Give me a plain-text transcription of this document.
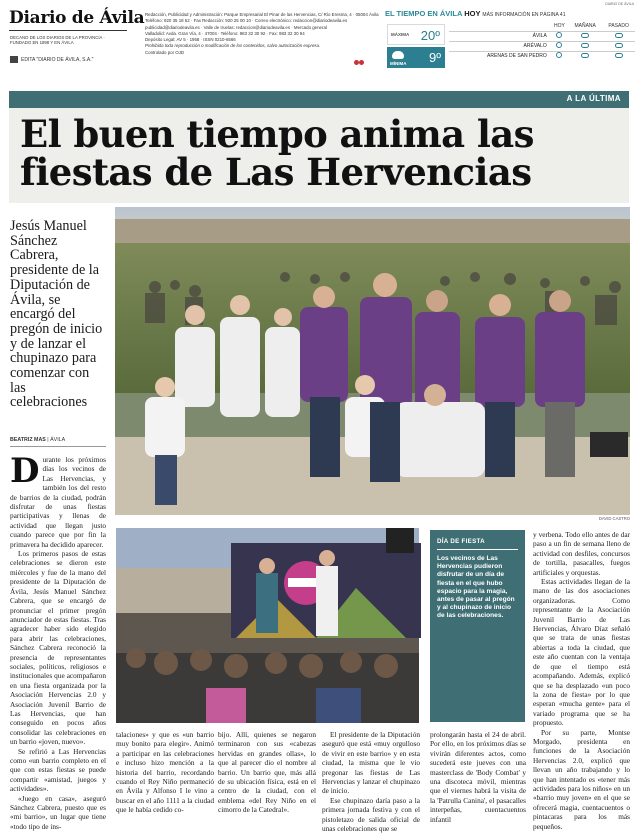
Diario de Ávila
DECANO DE LOS DIARIOS DE LA PROVINCIA · FUNDADO EN 1898 Y EN ÁVILA
EDITA "DIARIO DE ÁVILA, S.A."

Redacción, Publicidad y Administración: Parque Empresarial El Pinar de las Hervencias, C/ Río Eresma, 4 · 05004 Ávila

Teléfono: 920 35 18 52 · Fax Redacción: 920 25 00 10 · Correo electrónico: redaccion@diariodeavila.es

publicidad@diariodeavila.es · Valle de Iruelas: redaccion@diariodeavila.es · Mercado general

Valladolid: Avda. Gran Vía, 4 · 47004 · Teléfono: 983 32 30 92 · Fax: 983 32 30 94

Depósito Legal: AV 5 · 1958 · ISSN 0210-6566

Prohibida toda reproducción o modificación de los contenidos, salvo autorización expresa.

Controlado por OJD

EL TIEMPO EN ÁVILA HOY MÁS INFORMACIÓN EN PÁGINA 41
MÁXIMA 20º
MÍNIMA 9º
	HOY	MAÑANA	PASADO
ÁVILA			
ARÉVALO			
ARENAS DE SAN PEDRO			
DIARIO DE ÁVILA
A LA ÚLTIMA
El buen tiempo anima las fiestas de Las Hervencias
Jesús Manuel Sánchez Cabrera, presidente de la Diputación de Ávila, se encargó del pregón de inicio y de lanzar el chupinazo para comenzar con las celebraciones
BEATRIZ MAS | ÁVILA
DAVID CASTRO

Durante los próximos días los vecinos de Las Hervencias, y también los del resto de barrios de la ciudad, podrán disfrutar de unas fiestas participativas y llenas de actividad que llegan justo cuando parece que por fin la primavera ha decidido aparecer.

Los primeros pasos de estas celebraciones se dieron este miércoles y fue de la mano del presidente de la Diputación de Ávila, Jesús Manuel Sánchez Cabrera, que se encargó de pronunciar el primer pregón anunciador de estas fiestas. Tras agradecer haber sido elegido para abrir las celebraciones, Sánchez Cabrera reconoció la presencia de representantes sociales, políticos, religiosos e institucionales que acompañaron en una fiesta organizada por la Asociación Hervencias 2.0 y Asociación Juvenil Barrio de Las Hervencias, que han conseguido en pocos años consolidar las celebraciones en un barrio «joven, nuevo».

Se refirió a Las Hervencias como «un barrio completo en el que con estas fiestas se puede compartir «amistad, juegos y actividades».

«Juego en casa», aseguró Sánchez Cabrera, puesto que es «mi barrio», un lugar que tiene «todo tipo de ins-

DÍA DE FIESTA
Los vecinos de Las Hervencias pudieron disfrutar de un día de fiesta en el que hubo espacio para la magia, antes de pasar al pregón y al chupinazo de inicio de las celebraciones.

talaciones» y que es «un barrio muy bonito para elegir». Animó a participar en las celebraciones e incluso hizo mención a la historia del barrio, recordando cuando el Rey Niño permaneció en Ávila y Alfonso I le vino a buscar en el año 1111 a la ciudad que le había cedido co-

bijo. Allí, quienes se negaron terminaron con sus «cabezas hervidas en grandes ollas», lo que al parecer dio el nombre al barrio. Un barrio que, más allá de su ubicación física, está en el centro de la ciudad, con el emblema «del Rey Niño en el cimorro de la Catedral».

El presidente de la Diputación aseguró que está «muy orgulloso de vivir en este barrio» y en esta ciudad, la misma que le vio pregonar las fiestas de Las Hervencias y lanzar el chupinazo de inicio.

Ese chupinazo daría paso a la primera jornada festiva y con el pistoletazo de salida oficial de unas celebraciones que se

prolongarán hasta el 24 de abril. Por ello, en los próximos días se vivirán diferentes actos, como sucederá este jueves con una masterclass de 'Body Combat' y una discoteca móvil, mientras que el viernes habrá la visita de la 'Patrulla Canina', el pasacalles interpeñas, cuentacuentos infantil

y verbena. Todo ello antes de dar paso a un fin de semana lleno de actividad con desfiles, concursos de tortilla, pasacalles, fuegos artificiales y orquestas.

Estas actividades llegan de la mano de las dos asociaciones organizadoras. Como representante de la Asociación Juvenil Barrio de Las Hervencias, Álvaro Díaz señaló que se trata de unas fiestas abiertas a toda la ciudad, que este año cuentan con la ventaja de que el tiempo está acompañando. Además, explicó que se ha desplazado «un poco la zona de fiesta» por lo que esperan «mucha gente» para el variado programa que se ha propuesto.

Por su parte, Montse Morgado, presidenta en funciones de la Asociación Hervencias 2.0, explicó que llevan un año trabajando y lo que han intentado es «tener más actividades para los niños» en un «barrio muy joven» en el que se ofrecerá magia, cuentacuentos o pintacaras para los más pequeños.
